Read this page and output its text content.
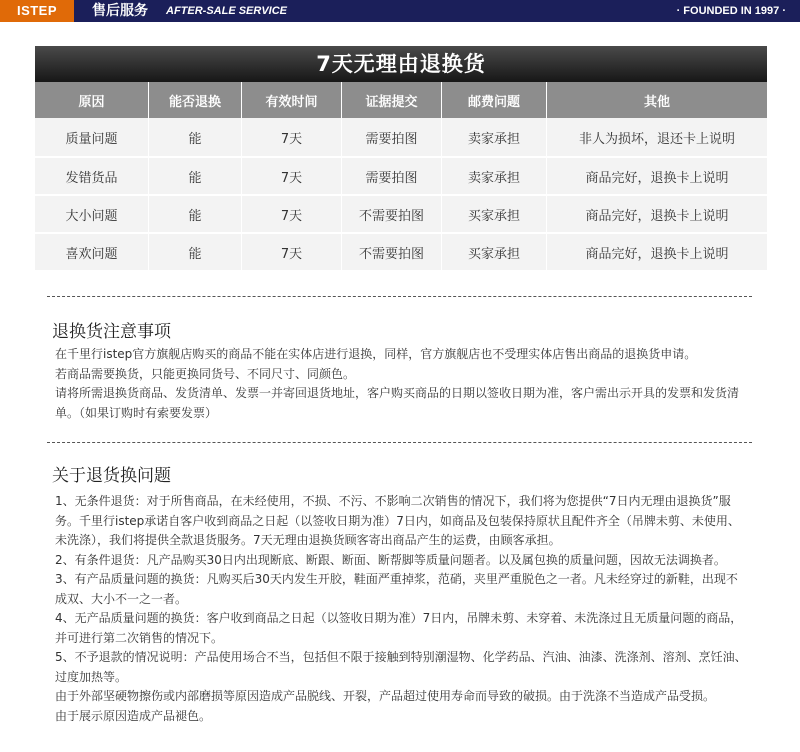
ISTEP	售后服务 AFTER-SALE SERVICE	· FOUNDED IN 1997 ·
7天无理由退换货
原因	能否退换	有效时间	证据提交	邮费问题	其他
质量问题	能	7天	需要拍图	卖家承担	非人为损坏，退还卡上说明
发错货品	能	7天	需要拍图	卖家承担	商品完好，退换卡上说明
大小问题	能	7天	不需要拍图	买家承担	商品完好，退换卡上说明
喜欢问题	能	7天	不需要拍图	买家承担	商品完好，退换卡上说明
退换货注意事项

在千里行istep官方旗舰店购买的商品不能在实体店进行退换，同样，官方旗舰店也不受理实体店售出商品的退换货申请。

若商品需要换货，只能更换同货号、不同尺寸、同颜色。

请将所需退换货商品、发货清单、发票一并寄回退货地址，客户购买商品的日期以签收日期为准，客户需出示开具的发票和发货清

单。（如果订购时有索要发票）

关于退货换问题

1、无条件退货：对于所售商品，在未经使用，不损、不污、不影响二次销售的情况下，我们将为您提供“7日内无理由退换货”服

务。千里行istep承诺自客户收到商品之日起（以签收日期为准）7日内，如商品及包装保持原状且配件齐全（吊牌未剪、未使用、

未洗涤），我们将提供全款退货服务。7天无理由退换货顾客寄出商品产生的运费，由顾客承担。

2、有条件退货：凡产品购买30日内出现断底、断跟、断面、断帮脚等质量问题者。以及属包换的质量问题，因故无法调换者。

3、有产品质量问题的换货：凡购买后30天内发生开胶，鞋面严重掉浆，范硝，夹里严重脱色之一者。凡未经穿过的新鞋，出现不

成双、大小不一之一者。

4、无产品质量问题的换货：客户收到商品之日起（以签收日期为准）7日内，吊牌未剪、未穿着、未洗涤过且无质量问题的商品，

并可进行第二次销售的情况下。

5、不予退款的情况说明：产品使用场合不当，包括但不限于接触到特别潮湿物、化学药品、汽油、油漆、洗涤剂、溶剂、烹饪油、

过度加热等。

由于外部坚硬物擦伤或内部磨损等原因造成产品脱线、开裂，产品超过使用寿命而导致的破损。由于洗涤不当造成产品受损。

由于展示原因造成产品褪色。
